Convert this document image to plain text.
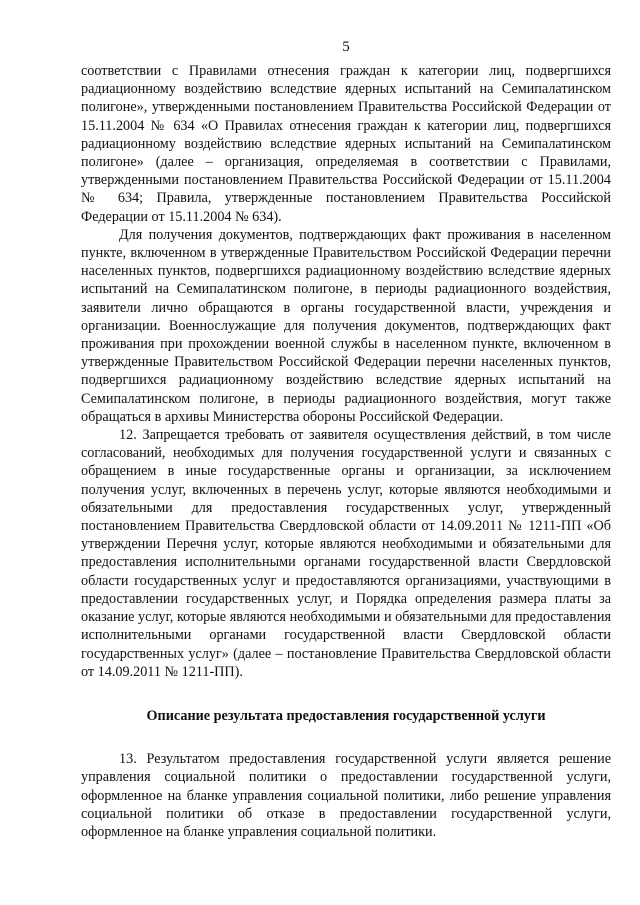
5

соответствии с Правилами отнесения граждан к категории лиц, подвергшихся радиационному воздействию вследствие ядерных испытаний на Семипалатинском полигоне», утвержденными постановлением Правительства Российской Федерации от 15.11.2004 № 634 «О Правилах отнесения граждан к категории лиц, подвергшихся радиационному воздействию вследствие ядерных испытаний на Семипалатинском полигоне» (далее – организация, определяемая в соответствии с Правилами, утвержденными постановлением Правительства Российской Федерации от 15.11.2004 № 634; Правила, утвержденные постановлением Правительства Российской Федерации от 15.11.2004 № 634).

Для получения документов, подтверждающих факт проживания в населенном пункте, включенном в утвержденные Правительством Российской Федерации перечни населенных пунктов, подвергшихся радиационному воздействию вследствие ядерных испытаний на Семипалатинском полигоне, в периоды радиационного воздействия, заявители лично обращаются в органы государственной власти, учреждения и организации. Военнослужащие для получения документов, подтверждающих факт проживания при прохождении военной службы в населенном пункте, включенном в утвержденные Правительством Российской Федерации перечни населенных пунктов, подвергшихся радиационному воздействию вследствие ядерных испытаний на Семипалатинском полигоне, в периоды радиационного воздействия, могут также обращаться в архивы Министерства обороны Российской Федерации.

12. Запрещается требовать от заявителя осуществления действий, в том числе согласований, необходимых для получения государственной услуги и связанных с обращением в иные государственные органы и организации, за исключением получения услуг, включенных в перечень услуг, которые являются необходимыми и обязательными для предоставления государственных услуг, утвержденный постановлением Правительства Свердловской области от 14.09.2011 № 1211-ПП «Об утверждении Перечня услуг, которые являются необходимыми и обязательными для предоставления исполнительными органами государственной власти Свердловской области государственных услуг и предоставляются организациями, участвующими в предоставлении государственных услуг, и Порядка определения размера платы за оказание услуг, которые являются необходимыми и обязательными для предоставления исполнительными органами государственной власти Свердловской области государственных услуг» (далее – постановление Правительства Свердловской области от 14.09.2011 № 1211-ПП).

Описание результата предоставления государственной услуги

13. Результатом предоставления государственной услуги является решение управления социальной политики о предоставлении государственной услуги, оформленное на бланке управления социальной политики, либо решение управления социальной политики об отказе в предоставлении государственной услуги, оформленное на бланке управления социальной политики.
